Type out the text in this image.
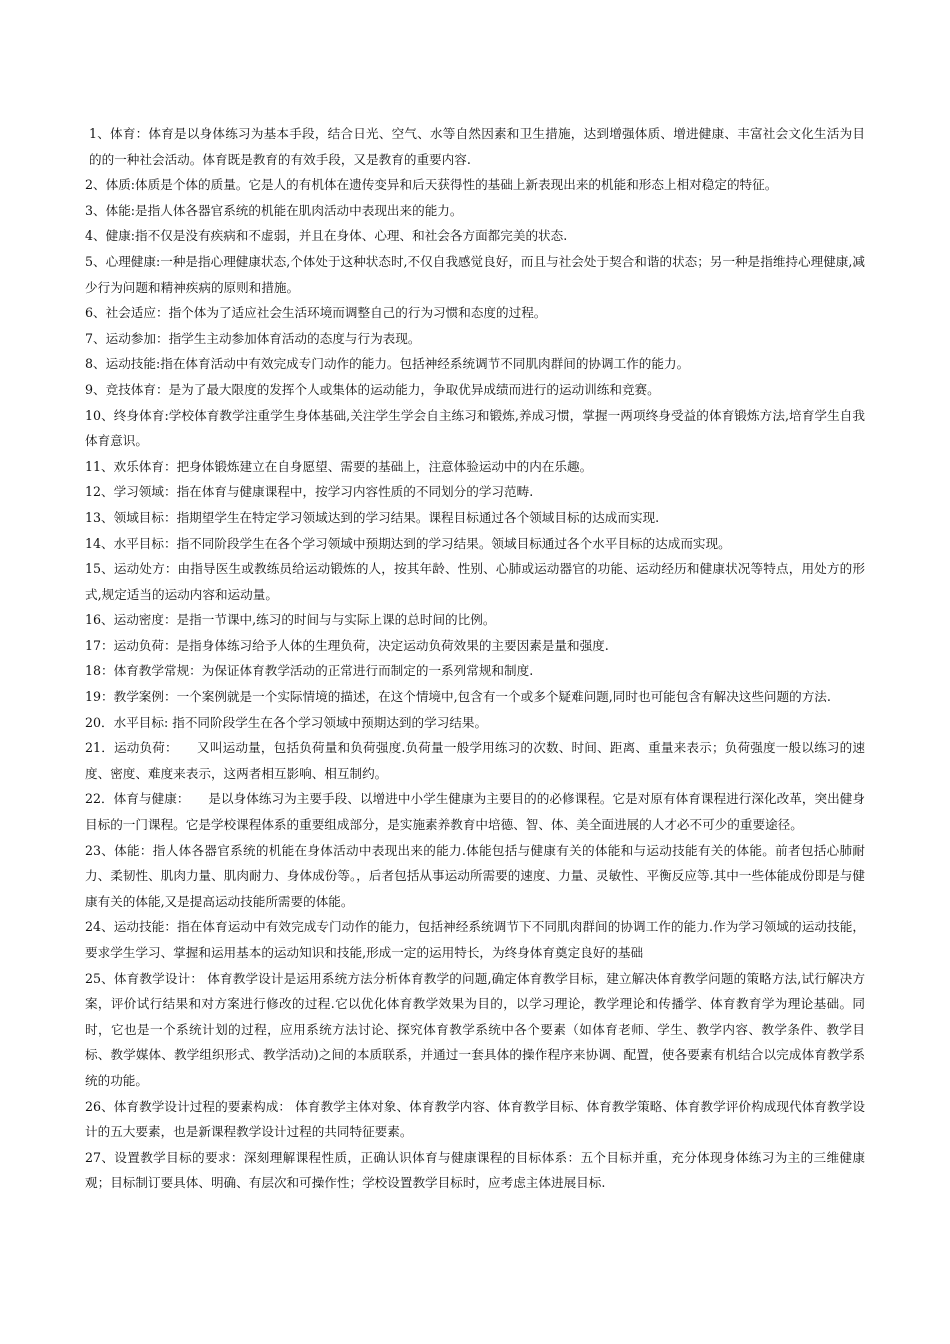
1、体育：体育是以身体练习为基本手段，结合日光、空气、水等自然因素和卫生措施，达到增强体质、增进健康、丰富社会文化生活为目的的一种社会活动。体育既是教育的有效手段，又是教育的重要内容.

2、体质:体质是个体的质量。它是人的有机体在遗传变异和后天获得性的基础上新表现出来的机能和形态上相对稳定的特征。

3、体能:是指人体各器官系统的机能在肌肉活动中表现出来的能力。

4、健康:指不仅是没有疾病和不虚弱，并且在身体、心理、和社会各方面都完美的状态.

5、心理健康:一种是指心理健康状态,个体处于这种状态时,不仅自我感觉良好，而且与社会处于契合和谐的状态；另一种是指维持心理健康,减少行为问题和精神疾病的原则和措施。

6、社会适应：指个体为了适应社会生活环境而调整自己的行为习惯和态度的过程。

7、运动参加：指学生主动参加体育活动的态度与行为表现。

8、运动技能:指在体育活动中有效完成专门动作的能力。包括神经系统调节不同肌肉群间的协调工作的能力。

9、竞技体育：是为了最大限度的发挥个人或集体的运动能力，争取优异成绩而进行的运动训练和竞赛。

10、终身体育:学校体育教学注重学生身体基础,关注学生学会自主练习和锻炼,养成习惯，掌握一两项终身受益的体育锻炼方法,培育学生自我体育意识。

11、欢乐体育：把身体锻炼建立在自身愿望、需要的基础上，注意体验运动中的内在乐趣。

12、学习领域：指在体育与健康课程中，按学习内容性质的不同划分的学习范畴.

13、领域目标：指期望学生在特定学习领域达到的学习结果。课程目标通过各个领域目标的达成而实现.

14、水平目标：指不同阶段学生在各个学习领域中预期达到的学习结果。领域目标通过各个水平目标的达成而实现。

15、运动处方：由指导医生或教练员给运动锻炼的人，按其年龄、性别、心肺或运动器官的功能、运动经历和健康状况等特点，用处方的形式,规定适当的运动内容和运动量。

16、运动密度：是指一节课中,练习的时间与与实际上课的总时间的比例。

17：运动负荷：是指身体练习给予人体的生理负荷，决定运动负荷效果的主要因素是量和强度.

18：体育教学常规：为保证体育教学活动的正常进行而制定的一系列常规和制度.

19：教学案例：一个案例就是一个实际情境的描述，在这个情境中,包含有一个或多个疑难问题,同时也可能包含有解决这些问题的方法.

20．水平目标: 指不同阶段学生在各个学习领域中预期达到的学习结果。

21．运动负荷：　　又叫运动量，包括负荷量和负荷强度.负荷量一般学用练习的次数、时间、距离、重量来表示；负荷强度一般以练习的速度、密度、难度来表示，这两者相互影响、相互制约。

22．体育与健康：　　是以身体练习为主要手段、以增进中小学生健康为主要目的的必修课程。它是对原有体育课程进行深化改革，突出健身目标的一门课程。它是学校课程体系的重要组成部分，是实施素养教育中培德、智、体、美全面进展的人才必不可少的重要途径。

23、体能：指人体各器官系统的机能在身体活动中表现出来的能力.体能包括与健康有关的体能和与运动技能有关的体能。前者包括心肺耐力、柔韧性、肌肉力量、肌肉耐力、身体成份等。，后者包括从事运动所需要的速度、力量、灵敏性、平衡反应等.其中一些体能成份即是与健康有关的体能,又是提高运动技能所需要的体能。

24、运动技能：指在体育运动中有效完成专门动作的能力，包括神经系统调节下不同肌肉群间的协调工作的能力.作为学习领域的运动技能，要求学生学习、掌握和运用基本的运动知识和技能,形成一定的运用特长，为终身体育奠定良好的基础

25、体育教学设计： 体育教学设计是运用系统方法分析体育教学的问题,确定体育教学目标，建立解决体育教学问题的策略方法,试行解决方案，评价试行结果和对方案进行修改的过程.它以优化体育教学效果为目的，以学习理论，教学理论和传播学、体育教育学为理论基础。同时，它也是一个系统计划的过程，应用系统方法讨论、探究体育教学系统中各个要素（如体育老师、学生、教学内容、教学条件、教学目标、教学媒体、教学组织形式、教学活动)之间的本质联系，并通过一套具体的操作程序来协调、配置，使各要素有机结合以完成体育教学系统的功能。

26、体育教学设计过程的要素构成： 体育教学主体对象、体育教学内容、体育教学目标、体育教学策略、体育教学评价构成现代体育教学设计的五大要素，也是新课程教学设计过程的共同特征要素。

27、设置教学目标的要求：深刻理解课程性质，正确认识体育与健康课程的目标体系：五个目标并重，充分体现身体练习为主的三维健康观；目标制订要具体、明确、有层次和可操作性；学校设置教学目标时，应考虑主体进展目标.
